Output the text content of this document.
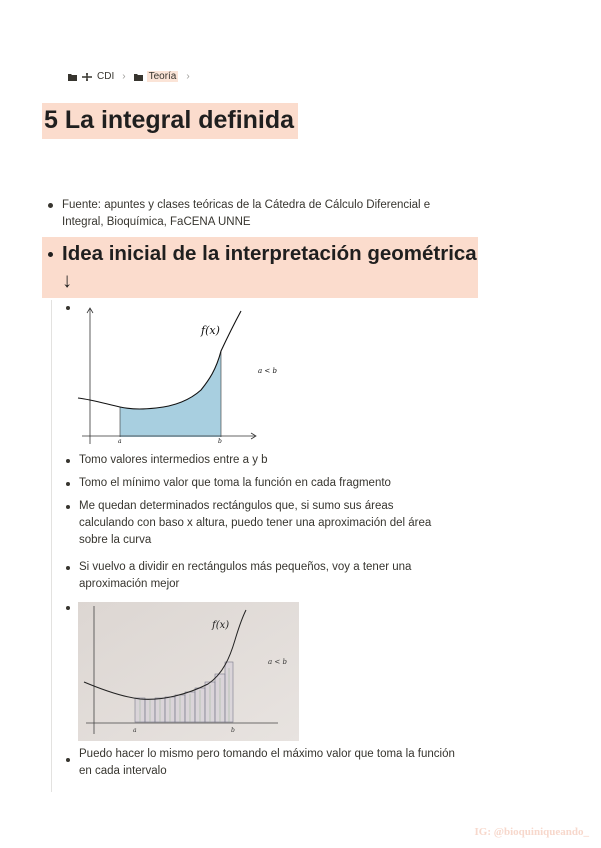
CDI › Teoría ›
5 La integral definida
Fuente: apuntes y clases teóricas de la Cátedra de Cálculo Diferencial e Integral, Bioquímica, FaCENA UNNE
Idea inicial de la interpretación geométrica ↓
f(x)
a	b
a < b
Tomo valores intermedios entre a y b
Tomo el mínimo valor que toma la función en cada fragmento
Me quedan determinados rectángulos que, si sumo sus áreas calculando con baso x altura, puedo tener una aproximación del área sobre la curva
Si vuelvo a dividir en rectángulos más pequeños, voy a tener una aproximación mejor
Puedo hacer lo mismo pero tomando el máximo valor que toma la función en cada intervalo
f(x)
a < b
a	b
IG: @bioquiniqueando_
